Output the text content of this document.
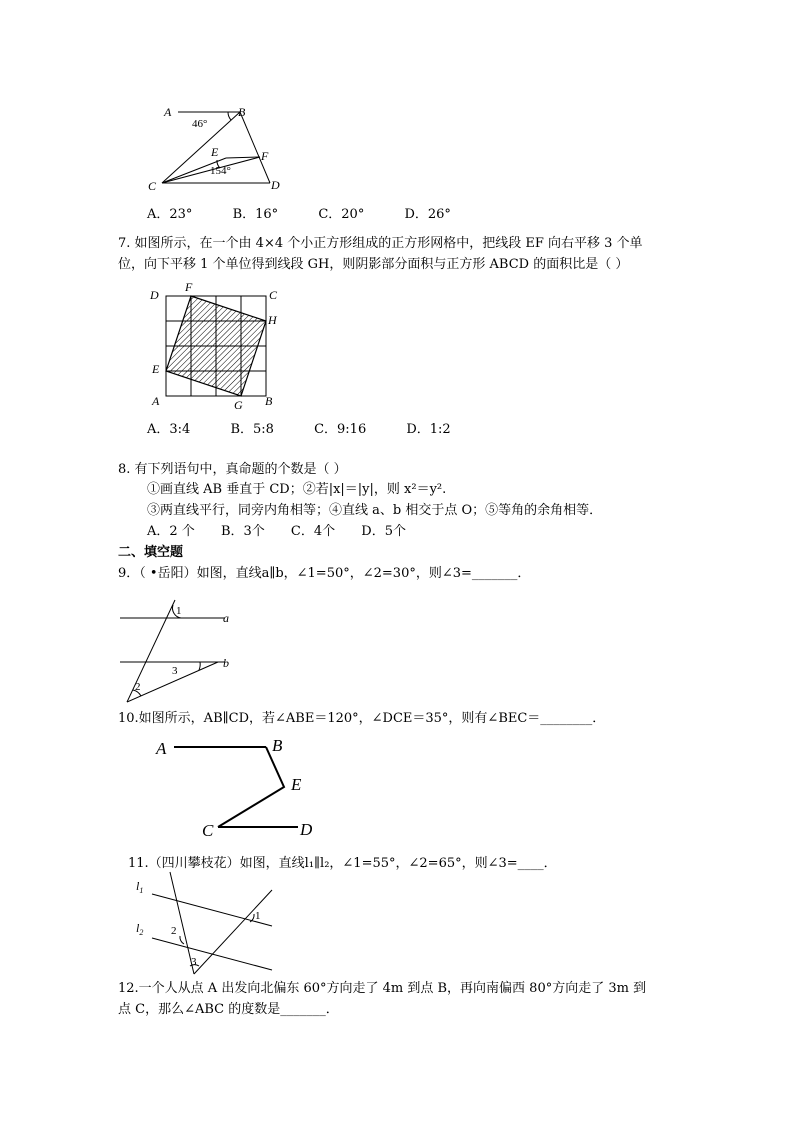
A	B
C	D
E	F
46°
154°
A．23°	B．16°	C．20°	D．26°
7. 如图所示，在一个由 4×4 个小正方形组成的正方形网格中，把线段 EF 向右平移 3 个单
位，向下平移 1 个单位得到线段 GH，则阴影部分面积与正方形 ABCD 的面积比是（ ）
D
F
C
H
E
A	G B
A．3:4	B．5:8	C．9:16	D．1:2
8. 有下列语句中，真命题的个数是（ ）
①画直线 AB 垂直于 CD；②若|x|＝|y|，则 x²＝y².
③两直线平行，同旁内角相等；④直线 a、b 相交于点 O；⑤等角的余角相等．
A．2 个 B．3个 C．4个 D．5个
二、填空题
9．（ •岳阳）如图，直线a∥b，∠1=50°，∠2=30°，则∠3=_______．
1
3
2
a
b
10.如图所示，AB∥CD，若∠ABE＝120°，∠DCE＝35°，则有∠BEC＝________．
A	B
E
C	D
11.（四川攀枝花）如图，直线l₁∥l₂，∠1=55°，∠2=65°，则∠3=____．
$l_1$
$l_2$
1
2
3
12.一个人从点 A 出发向北偏东 60°方向走了 4m 到点 B，再向南偏西 80°方向走了 3m 到
点 C，那么∠ABC 的度数是_______．
